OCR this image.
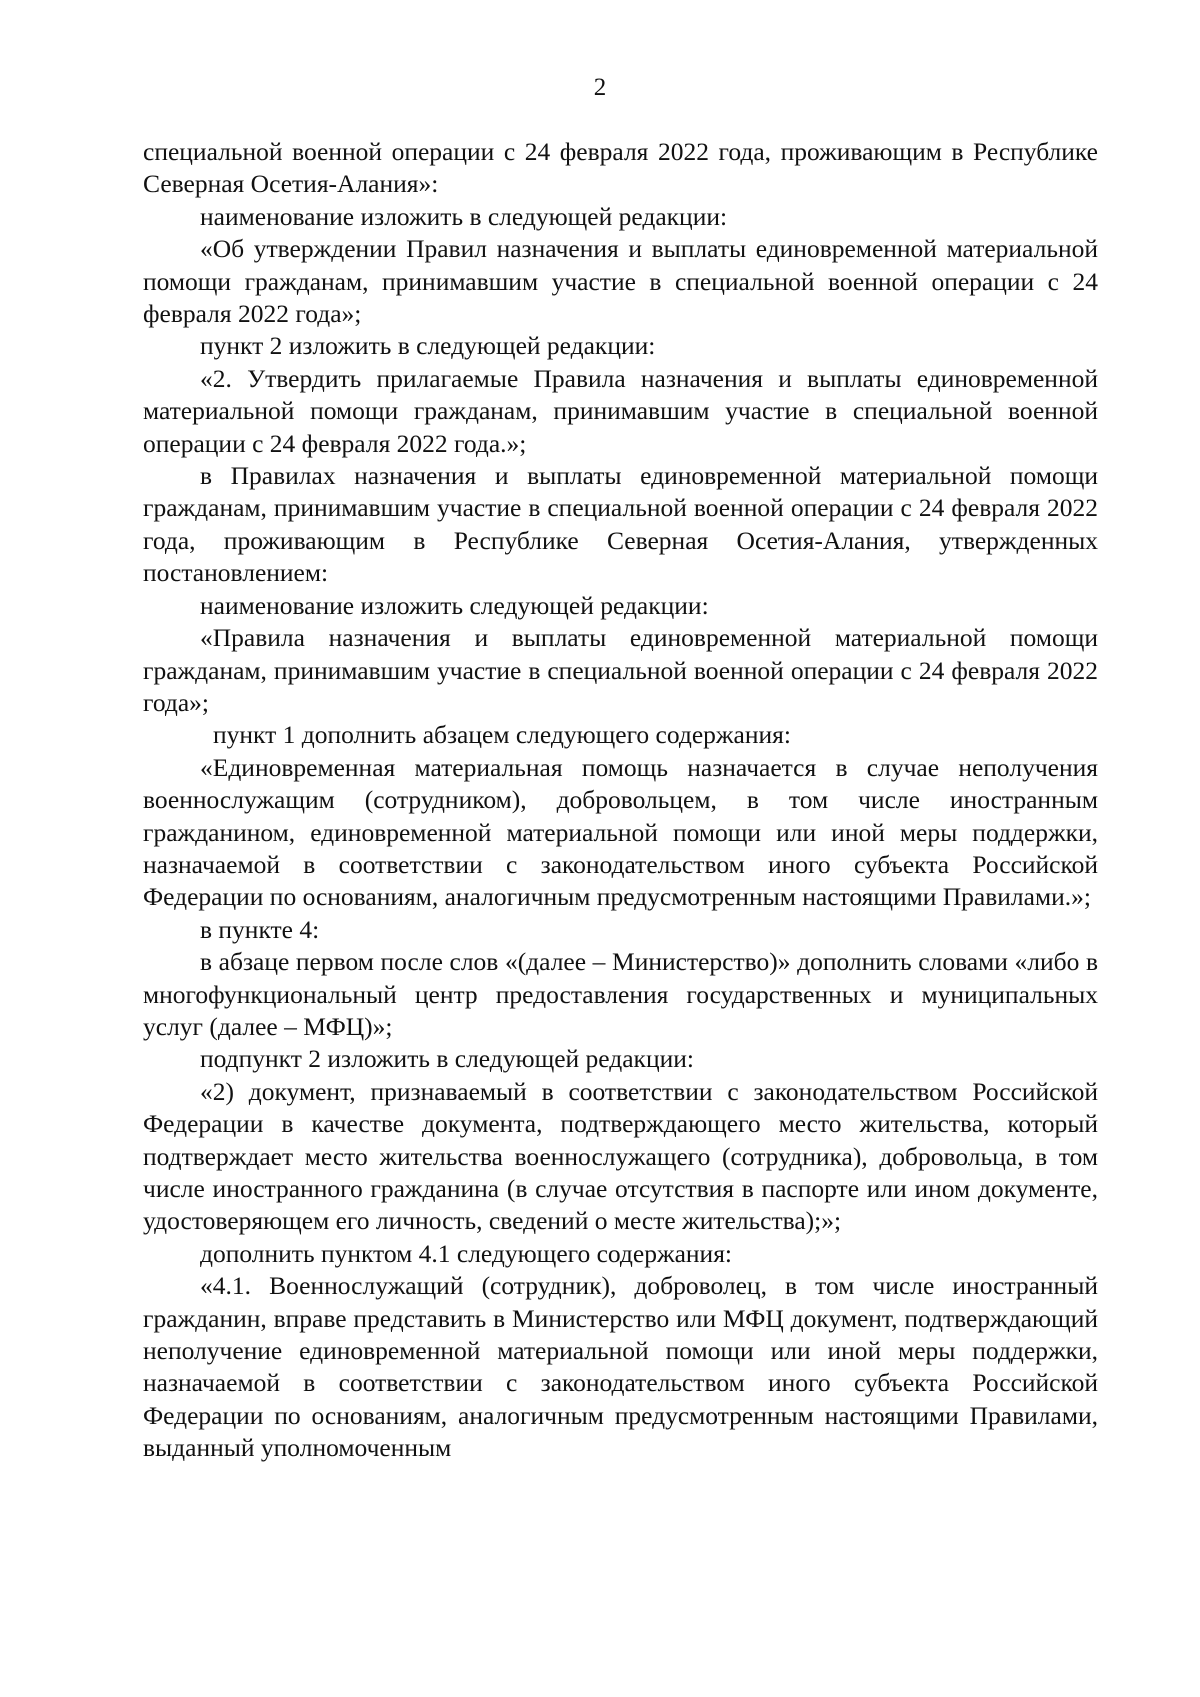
2

специальной военной операции с 24 февраля 2022 года, проживающим в Республике Северная Осетия-Алания»:

наименование изложить в следующей редакции:

«Об утверждении Правил назначения и выплаты единовременной материальной помощи гражданам, принимавшим участие в специальной военной операции с 24 февраля 2022 года»;

пункт 2 изложить в следующей редакции:

«2. Утвердить прилагаемые Правила назначения и выплаты единовременной материальной помощи гражданам, принимавшим участие в специальной военной операции с 24 февраля 2022 года.»;

в Правилах назначения и выплаты единовременной материальной помощи гражданам, принимавшим участие в специальной военной операции с 24 февраля 2022 года, проживающим в Республике Северная Осетия-Алания, утвержденных постановлением:

наименование изложить следующей редакции:

«Правила назначения и выплаты единовременной материальной помощи гражданам, принимавшим участие в специальной военной операции с 24 февраля 2022 года»;

пункт 1 дополнить абзацем следующего содержания:

«Единовременная материальная помощь назначается в случае неполучения военнослужащим (сотрудником), добровольцем, в том числе иностранным гражданином, единовременной материальной помощи или иной меры поддержки, назначаемой в соответствии с законодательством иного субъекта Российской Федерации по основаниям, аналогичным предусмотренным настоящими Правилами.»;

в пункте 4:

в абзаце первом после слов «(далее – Министерство)» дополнить словами «либо в многофункциональный центр предоставления государственных и муниципальных услуг (далее – МФЦ)»;

подпункт 2 изложить в следующей редакции:

«2) документ, признаваемый в соответствии с законодательством Российской Федерации в качестве документа, подтверждающего место жительства, который подтверждает место жительства военнослужащего (сотрудника), добровольца, в том числе иностранного гражданина (в случае отсутствия в паспорте или ином документе, удостоверяющем его личность, сведений о месте жительства);»;

дополнить пунктом 4.1 следующего содержания:

«4.1. Военнослужащий (сотрудник), доброволец, в том числе иностранный гражданин, вправе представить в Министерство или МФЦ документ, подтверждающий неполучение единовременной материальной помощи или иной меры поддержки, назначаемой в соответствии с законодательством иного субъекта Российской Федерации по основаниям, аналогичным предусмотренным настоящими Правилами, выданный уполномоченным
